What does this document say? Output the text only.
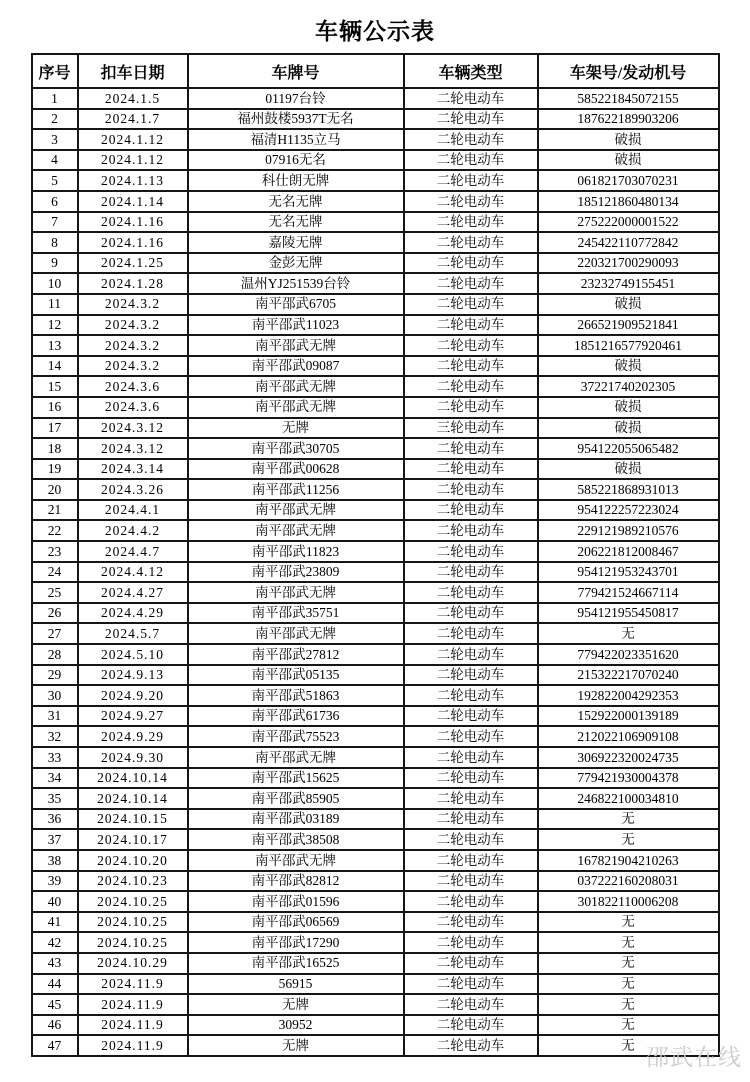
车辆公示表
序号	扣车日期	车牌号	车辆类型	车架号/发动机号
1	2024.1.5	01197台铃	二轮电动车	585221845072155
2	2024.1.7	福州鼓楼5937T无名	二轮电动车	187622189903206
3	2024.1.12	福清H1135立马	二轮电动车	破损
4	2024.1.12	07916无名	二轮电动车	破损
5	2024.1.13	科仕朗无牌	二轮电动车	061821703070231
6	2024.1.14	无名无牌	二轮电动车	185121860480134
7	2024.1.16	无名无牌	二轮电动车	275222000001522
8	2024.1.16	嘉陵无牌	二轮电动车	245422110772842
9	2024.1.25	金彭无牌	二轮电动车	220321700290093
10	2024.1.28	温州YJ251539台铃	二轮电动车	23232749155451
11	2024.3.2	南平邵武6705	二轮电动车	破损
12	2024.3.2	南平邵武11023	二轮电动车	266521909521841
13	2024.3.2	南平邵武无牌	二轮电动车	1851216577920461
14	2024.3.2	南平邵武09087	二轮电动车	破损
15	2024.3.6	南平邵武无牌	二轮电动车	37221740202305
16	2024.3.6	南平邵武无牌	二轮电动车	破损
17	2024.3.12	无牌	三轮电动车	破损
18	2024.3.12	南平邵武30705	二轮电动车	954122055065482
19	2024.3.14	南平邵武00628	二轮电动车	破损
20	2024.3.26	南平邵武11256	二轮电动车	585221868931013
21	2024.4.1	南平邵武无牌	二轮电动车	954122257223024
22	2024.4.2	南平邵武无牌	二轮电动车	229121989210576
23	2024.4.7	南平邵武11823	二轮电动车	206221812008467
24	2024.4.12	南平邵武23809	二轮电动车	954121953243701
25	2024.4.27	南平邵武无牌	二轮电动车	779421524667114
26	2024.4.29	南平邵武35751	二轮电动车	954121955450817
27	2024.5.7	南平邵武无牌	二轮电动车	无
28	2024.5.10	南平邵武27812	二轮电动车	779422023351620
29	2024.9.13	南平邵武05135	二轮电动车	215322217070240
30	2024.9.20	南平邵武51863	二轮电动车	192822004292353
31	2024.9.27	南平邵武61736	二轮电动车	152922000139189
32	2024.9.29	南平邵武75523	二轮电动车	212022106909108
33	2024.9.30	南平邵武无牌	二轮电动车	306922320024735
34	2024.10.14	南平邵武15625	二轮电动车	779421930004378
35	2024.10.14	南平邵武85905	二轮电动车	246822100034810
36	2024.10.15	南平邵武03189	二轮电动车	无
37	2024.10.17	南平邵武38508	二轮电动车	无
38	2024.10.20	南平邵武无牌	二轮电动车	167821904210263
39	2024.10.23	南平邵武82812	二轮电动车	037222160208031
40	2024.10.25	南平邵武01596	二轮电动车	301822110006208
41	2024.10.25	南平邵武06569	二轮电动车	无
42	2024.10.25	南平邵武17290	二轮电动车	无
43	2024.10.29	南平邵武16525	二轮电动车	无
44	2024.11.9	56915	二轮电动车	无
45	2024.11.9	无牌	二轮电动车	无
46	2024.11.9	30952	二轮电动车	无
47	2024.11.9	无牌	二轮电动车	无 邵武在线
